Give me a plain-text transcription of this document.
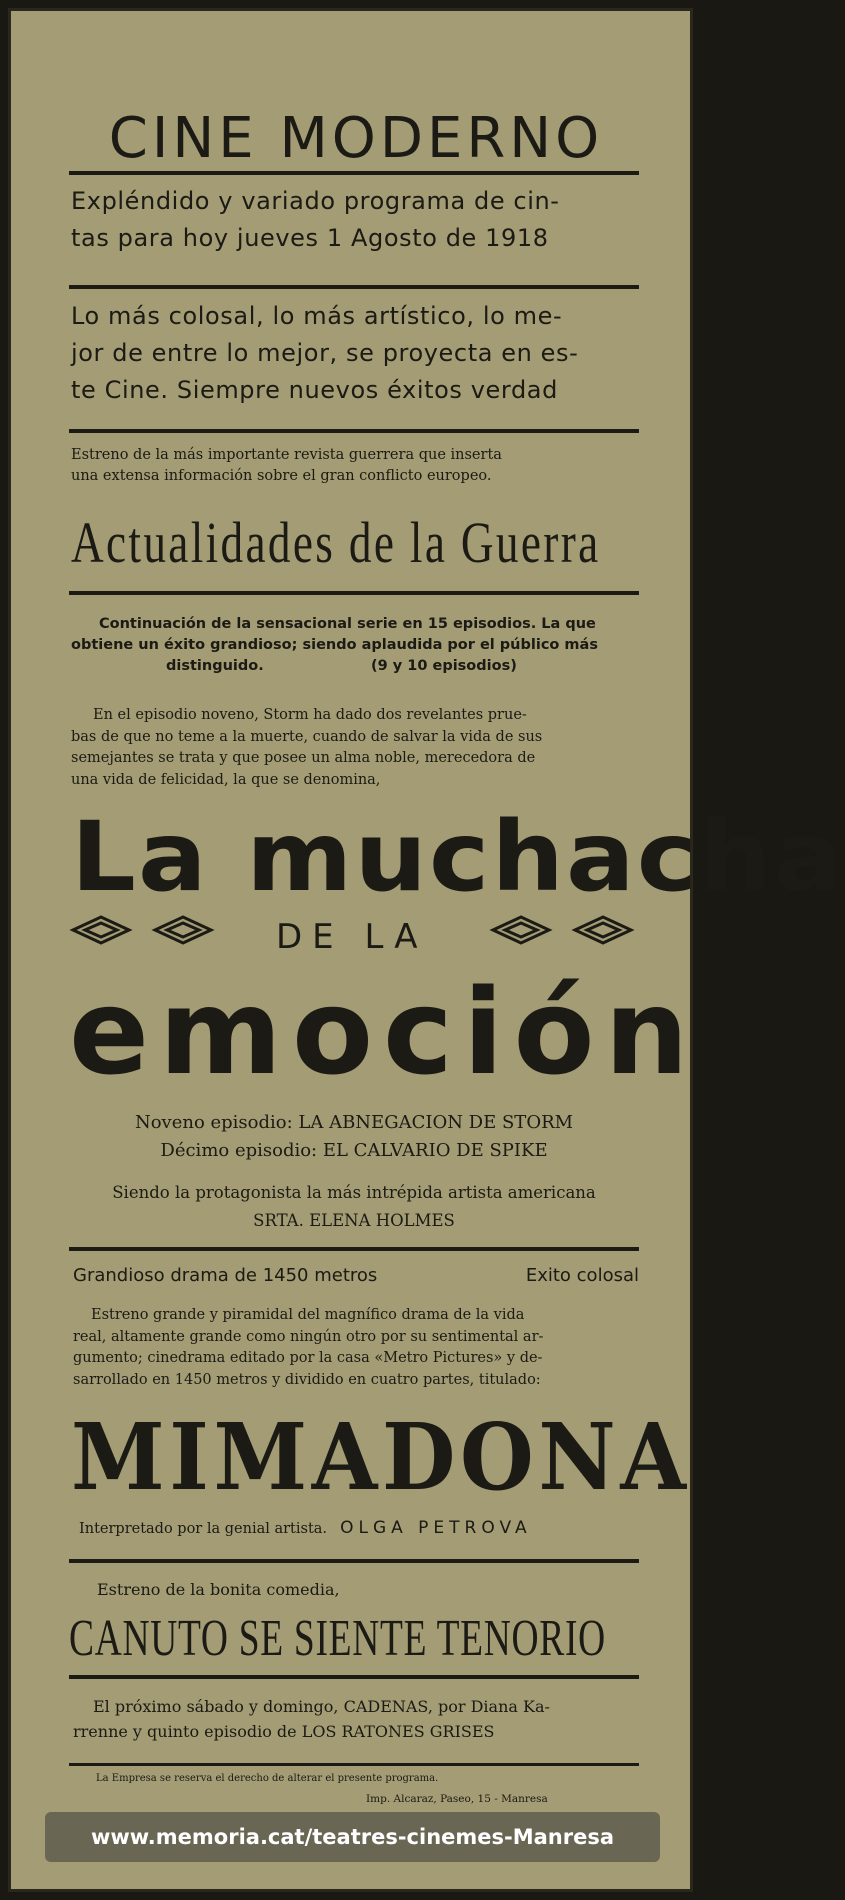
CINE MODERNO
Expléndido y variado programa de cin-
tas para hoy jueves 1 Agosto de 1918
Lo más colosal, lo más artístico, lo me-
jor de entre lo mejor, se proyecta en es-
te Cine. Siempre nuevos éxitos verdad
Estreno de la más importante revista guerrera que inserta
una extensa información sobre el gran conflicto europeo.
Actualidades de la Guerra
Continuación de la sensacional serie en 15 episodios. La que
obtiene un éxito grandioso; siendo aplaudida por el público más
distinguido.	(9 y 10 episodios)
En el episodio noveno, Storm ha dado dos revelantes prue-
bas de que no teme a la muerte, cuando de salvar la vida de sus
semejantes se trata y que posee un alma noble, merecedora de
una vida de felicidad, la que se denomina,
La muchacha
DE LA
emoción
Noveno episodio: LA ABNEGACION DE STORM
Décimo episodio: EL CALVARIO DE SPIKE
Siendo la protagonista la más intrépida artista americana
SRTA. ELENA HOLMES
Grandioso drama de 1450 metros	Exito colosal
Estreno grande y piramidal del magnífico drama de la vida
real, altamente grande como ningún otro por su sentimental ar-
gumento; cinedrama editado por la casa «Metro Pictures» y de-
sarrollado en 1450 metros y dividido en cuatro partes, titulado:
MIMADONA
Interpretado por la genial artista. OLGA PETROVA
Estreno de la bonita comedia,
CANUTO SE SIENTE TENORIO
El próximo sábado y domingo, CADENAS, por Diana Ka-
rrenne y quinto episodio de LOS RATONES GRISES
La Empresa se reserva el derecho de alterar el presente programa.
Imp. Alcaraz, Paseo, 15 - Manresa
www.memoria.cat/teatres-cinemes-Manresa
